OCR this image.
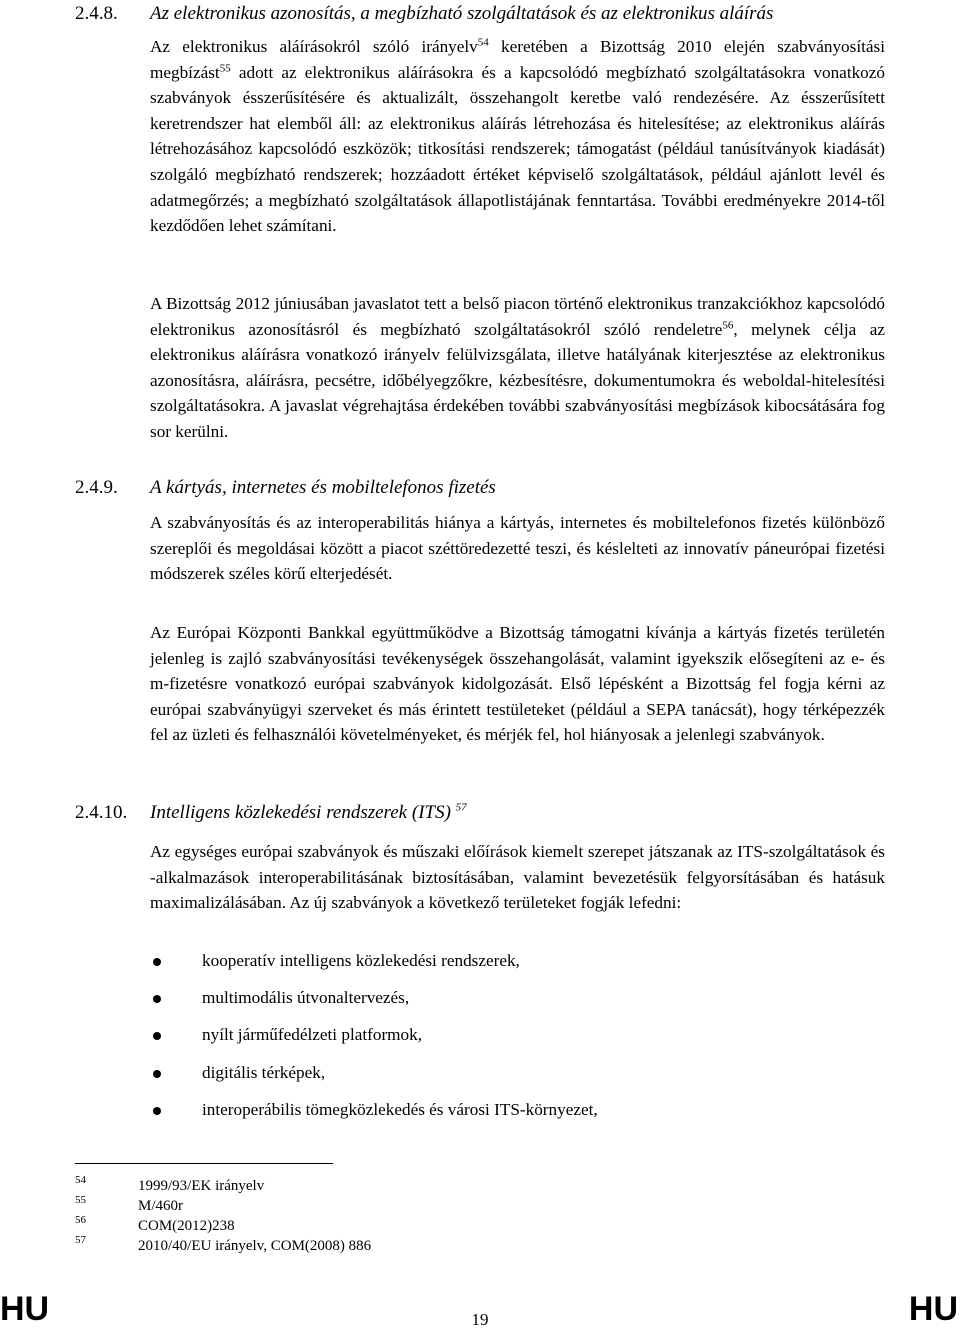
2.4.8. Az elektronikus azonosítás, a megbízható szolgáltatások és az elektronikus aláírás
Az elektronikus aláírásokról szóló irányelv$^{54}$ keretében a Bizottság 2010 elején szabványosítási megbízást$^{55}$ adott az elektronikus aláírásokra és a kapcsolódó megbízható szolgáltatásokra vonatkozó szabványok ésszerűsítésére és aktualizált, összehangolt keretbe való rendezésére. Az ésszerűsített keretrendszer hat elemből áll: az elektronikus aláírás létrehozása és hitelesítése; az elektronikus aláírás létrehozásához kapcsolódó eszközök; titkosítási rendszerek; támogatást (például tanúsítványok kiadását) szolgáló megbízható rendszerek; hozzáadott értéket képviselő szolgáltatások, például ajánlott levél és adatmegőrzés; a megbízható szolgáltatások állapotlistájának fenntartása. További eredményekre 2014-től kezdődően lehet számítani.
A Bizottság 2012 júniusában javaslatot tett a belső piacon történő elektronikus tranzakciókhoz kapcsolódó elektronikus azonosításról és megbízható szolgáltatásokról szóló rendeletre$^{56}$, melynek célja az elektronikus aláírásra vonatkozó irányelv felülvizsgálata, illetve hatályának kiterjesztése az elektronikus azonosításra, aláírásra, pecsétre, időbélyegzőkre, kézbesítésre, dokumentumokra és weboldal-hitelesítési szolgáltatásokra. A javaslat végrehajtása érdekében további szabványosítási megbízások kibocsátására fog sor kerülni.
2.4.9. A kártyás, internetes és mobiltelefonos fizetés
A szabványosítás és az interoperabilitás hiánya a kártyás, internetes és mobiltelefonos fizetés különböző szereplői és megoldásai között a piacot széttöredezetté teszi, és késlelteti az innovatív páneurópai fizetési módszerek széles körű elterjedését.
Az Európai Központi Bankkal együttműködve a Bizottság támogatni kívánja a kártyás fizetés területén jelenleg is zajló szabványosítási tevékenységek összehangolását, valamint igyekszik elősegíteni az e- és m-fizetésre vonatkozó európai szabványok kidolgozását. Első lépésként a Bizottság fel fogja kérni az európai szabványügyi szerveket és más érintett testületeket (például a SEPA tanácsát), hogy térképezzék fel az üzleti és felhasználói követelményeket, és mérjék fel, hol hiányosak a jelenlegi szabványok.
2.4.10. Intelligens közlekedési rendszerek (ITS) $^{57}$
Az egységes európai szabványok és műszaki előírások kiemelt szerepet játszanak az ITS-szolgáltatások és -alkalmazások interoperabilitásának biztosításában, valamint bevezetésük felgyorsításában és hatásuk maximalizálásában. Az új szabványok a következő területeket fogják lefedni:
kooperatív intelligens közlekedési rendszerek,
multimodális útvonaltervezés,
nyílt járműfedélzeti platformok,
digitális térképek,
interoperábilis tömegközlekedés és városi ITS-környezet,
54	1999/93/EK irányelv
55	M/460r
56	COM(2012)238
57	2010/40/EU irányelv, COM(2008) 886
HU	19	HU
